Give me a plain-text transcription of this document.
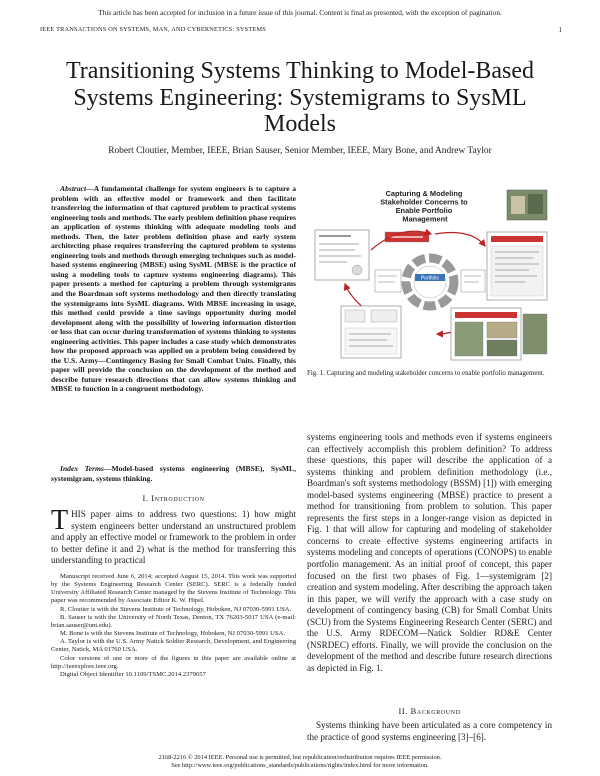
This article has been accepted for inclusion in a future issue of this journal. Content is final as presented, with the exception of pagination.
IEEE TRANSACTIONS ON SYSTEMS, MAN, AND CYBERNETICS: SYSTEMS	1
Transitioning Systems Thinking to Model-Based Systems Engineering: Systemigrams to SysML Models
Robert Cloutier, Member, IEEE, Brian Sauser, Senior Member, IEEE, Mary Bone, and Andrew Taylor
Abstract—A fundamental challenge for system engineers is to capture a problem with an effective model or framework and then facilitate transferring the information of that captured problem to practical systems engineering tools and methods. The early problem definition phase requires an application of systems thinking with adequate modeling tools and methods. Then, the later problem definition phase and early system architecting phase requires transferring the captured problem to systems engineering tools and methods through emerging techniques such as model-based systems engineering (MBSE) using SysML (MBSE is the practice of using a modeling tools to capture systems engineering diagrams). This paper presents a method for capturing a problem through systemigrams and the Boardman soft systems methodology and then directly translating the systemigrams into SysML diagrams. With MBSE increasing in usage, this method could provide a time savings opportunity during model development along with the possibility of lowering information distortion or loss that can occur during transformation of systems thinking to systems engineering activities. This paper includes a case study which demonstrates how the proposed approach was applied on a problem being considered by the U.S. Army—Contingency Basing for Small Combat Units. Finally, this paper will provide the conclusion on the development of the method and describe future research directions that can allow systems thinking and MBSE to function in a congruent methodology.
Index Terms—Model-based systems engineering (MBSE), SysML, systemigram, systems thinking.
I. Introduction
THIS paper aims to address two questions: 1) how might system engineers better understand an unstructured problem and apply an effective model or framework to the problem in order to better define it and 2) what is the method for transferring this understanding to practical

Manuscript received June 6, 2014; accepted August 15, 2014. This work was supported by the Systems Engineering Research Center (SERC). SERC is a federally funded University Affiliated Research Center managed by the Stevens Institute of Technology. This paper was recommended by Associate Editor K. W. Hipel.

R. Cloutier is with the Stevens Institute of Technology, Hoboken, NJ 07030-5991 USA.

B. Sauser is with the University of North Texas, Denton, TX 76203-5017 USA (e-mail: brian.sauser@unt.edu).

M. Bone is with the Stevens Institute of Technology, Hoboken, NJ 07030-5991 USA.

A. Taylor is with the U.S. Army Natick Soldier Research, Development, and Engineering Center, Natick, MA 01760 USA.

Color versions of one or more of the figures in this paper are available online at http://ieeexplore.ieee.org.

Digital Object Identifier 10.1109/TSMC.2014.2379657

Capturing & Modeling Stakeholder Concerns to Enable Portfolio Management
Portfolio
Fig. 1. Capturing and modeling stakeholder concerns to enable portfolio management.
systems engineering tools and methods even if systems engineers can effectively accomplish this problem definition? To address these questions, this paper will describe the application of a systems thinking and problem definition methodology (i.e., Boardman's soft systems methodology (BSSM) [1]) with emerging model-based systems engineering (MBSE) practice to present a method for transitioning from problem to solution. This paper represents the first steps in a longer-range vision as depicted in Fig. 1 that will allow for capturing and modeling of stakeholder concerns to create effective systems engineering artifacts in systems modeling and concepts of operations (CONOPS) to enable portfolio management. As an initial proof of concept, this paper focused on the first two phases of Fig. 1—systemigram [2] creation and system modeling. After describing the approach taken in this paper, we will verify the approach with a case study on development of contingency basing (CB) for Small Combat Units (SCU) from the Systems Engineering Research Center (SERC) and the U.S. Army RDECOM—Natick Soldier RD&E Center (NSRDEC) efforts. Finally, we will provide the conclusion on the development of the method and describe future research directions as depicted in Fig. 1.
II. Background
Systems thinking have been articulated as a core competency in the practice of good systems engineering [3]–[6].
2168-2216 © 2014 IEEE. Personal use is permitted, but republication/redistribution requires IEEE permission.
See http://www.ieee.org/publications_standards/publications/rights/index.html for more information.
